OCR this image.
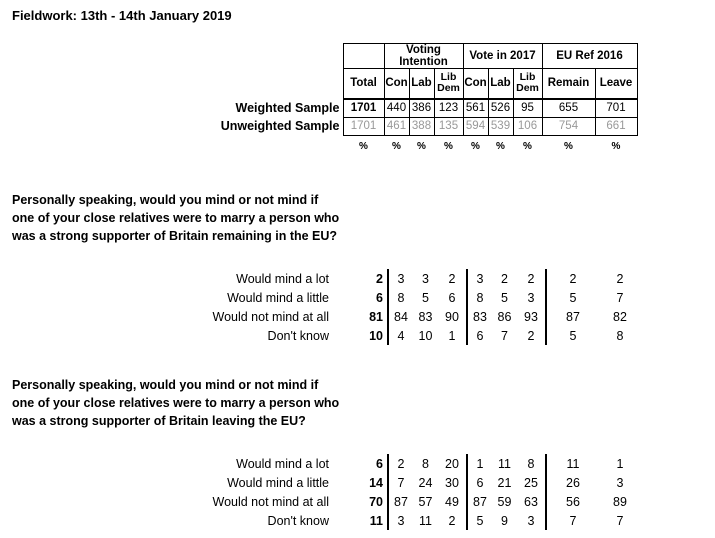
Fieldwork: 13th - 14th January 2019
		Voting Intention			Vote in 2017			EU Ref 2016	
	Total	Con	Lab	Lib Dem	Con	Lab	Lib Dem	Remain	Leave
Weighted Sample	1701	440	386	123	561	526	95	655	701
Unweighted Sample	1701	461	388	135	594	539	106	754	661
	%	%	%	%	%	%	%	%	%
Personally speaking, would you mind or not mind if one of your close relatives were to marry a person who was a strong supporter of Britain remaining in the EU?
Would mind a lot	2	3	3	2	3	2	2	2	2
Would mind a little	6	8	5	6	8	5	3	5	7
Would not mind at all	81	84	83	90	83	86	93	87	82
Don't know	10	4	10	1	6	7	2	5	8
Personally speaking, would you mind or not mind if one of your close relatives were to marry a person who was a strong supporter of Britain leaving the EU?
Would mind a lot	6	2	8	20	1	11	8	11	1
Would mind a little	14	7	24	30	6	21	25	26	3
Would not mind at all	70	87	57	49	87	59	63	56	89
Don't know	11	3	11	2	5	9	3	7	7
